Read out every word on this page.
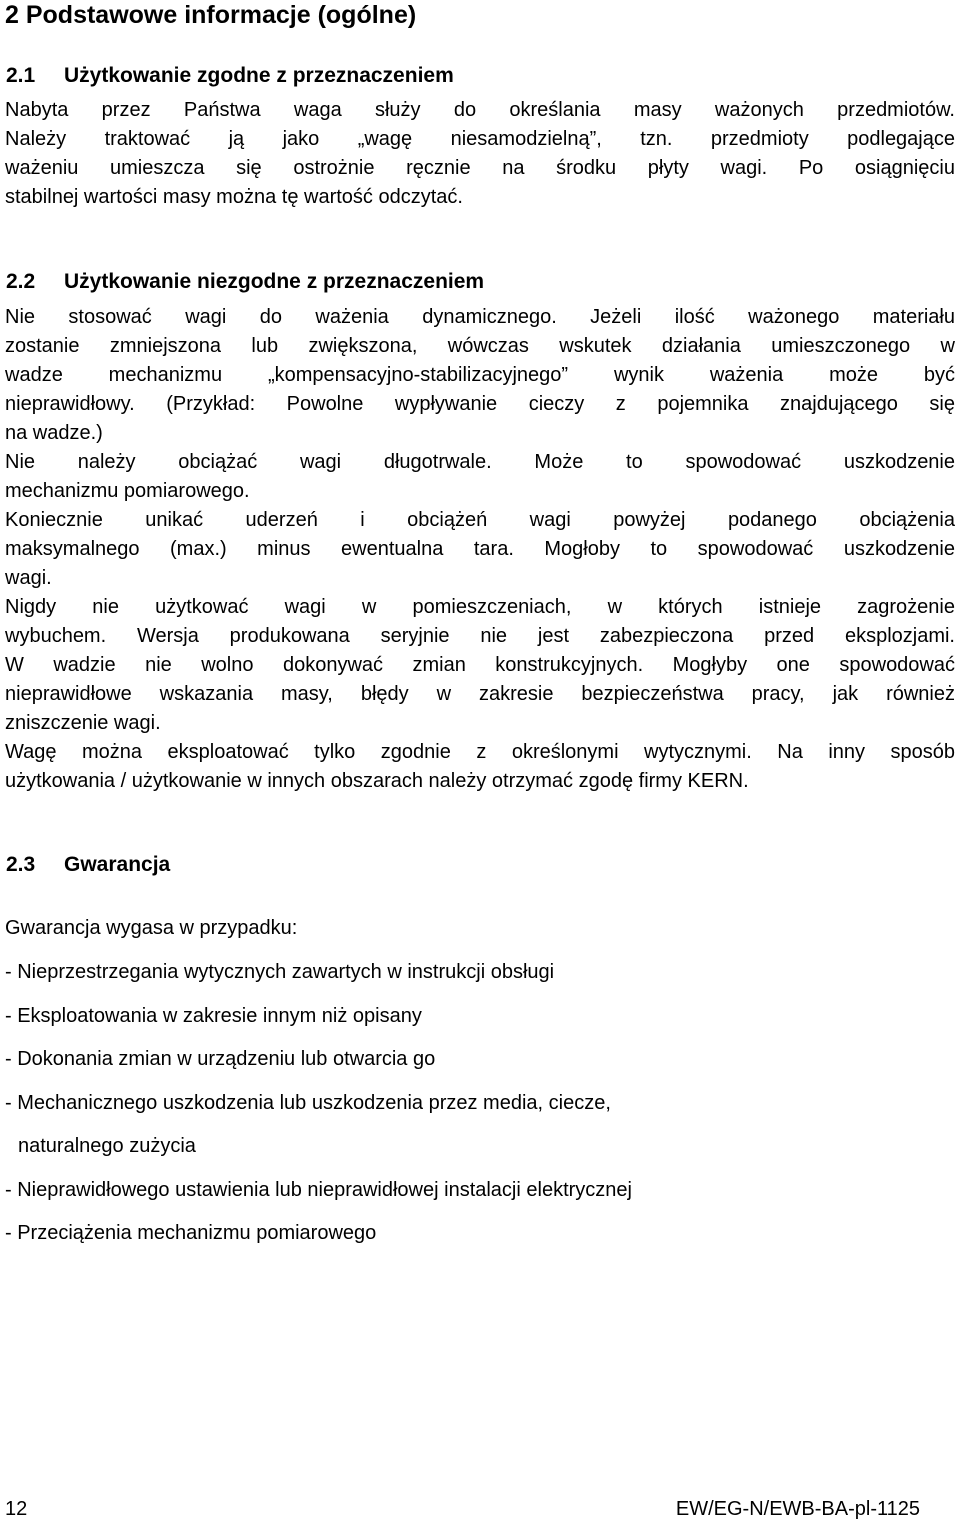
2 Podstawowe informacje (ogólne)
2.1 Użytkowanie zgodne z przeznaczeniem
Nabyta przez Państwa waga służy do określania masy ważonych przedmiotów.
Należy traktować ją jako „wagę niesamodzielną”, tzn. przedmioty podlegające
ważeniu umieszcza się ostrożnie ręcznie na środku płyty wagi. Po osiągnięciu
stabilnej wartości masy można tę wartość odczytać.
2.2 Użytkowanie niezgodne z przeznaczeniem
Nie stosować wagi do ważenia dynamicznego. Jeżeli ilość ważonego materiału
zostanie zmniejszona lub zwiększona, wówczas wskutek działania umieszczonego w
wadze mechanizmu „kompensacyjno-stabilizacyjnego” wynik ważenia może być
nieprawidłowy. (Przykład: Powolne wypływanie cieczy z pojemnika znajdującego się
na wadze.)
Nie należy obciążać wagi długotrwale. Może to spowodować uszkodzenie
mechanizmu pomiarowego.
Koniecznie unikać uderzeń i obciążeń wagi powyżej podanego obciążenia
maksymalnego (max.) minus ewentualna tara. Mogłoby to spowodować uszkodzenie
wagi.
Nigdy nie użytkować wagi w pomieszczeniach, w których istnieje zagrożenie
wybuchem. Wersja produkowana seryjnie nie jest zabezpieczona przed eksplozjami.
W wadzie nie wolno dokonywać zmian konstrukcyjnych. Mogłyby one spowodować
nieprawidłowe wskazania masy, błędy w zakresie bezpieczeństwa pracy, jak również
zniszczenie wagi.
Wagę można eksploatować tylko zgodnie z określonymi wytycznymi. Na inny sposób
użytkowania / użytkowanie w innych obszarach należy otrzymać zgodę firmy KERN.
2.3 Gwarancja
Gwarancja wygasa w przypadku:
- Nieprzestrzegania wytycznych zawartych w instrukcji obsługi
- Eksploatowania w zakresie innym niż opisany
- Dokonania zmian w urządzeniu lub otwarcia go
- Mechanicznego uszkodzenia lub uszkodzenia przez media, ciecze,
naturalnego zużycia
- Nieprawidłowego ustawienia lub nieprawidłowej instalacji elektrycznej
- Przeciążenia mechanizmu pomiarowego
12	EW/EG-N/EWB-BA-pl-1125
